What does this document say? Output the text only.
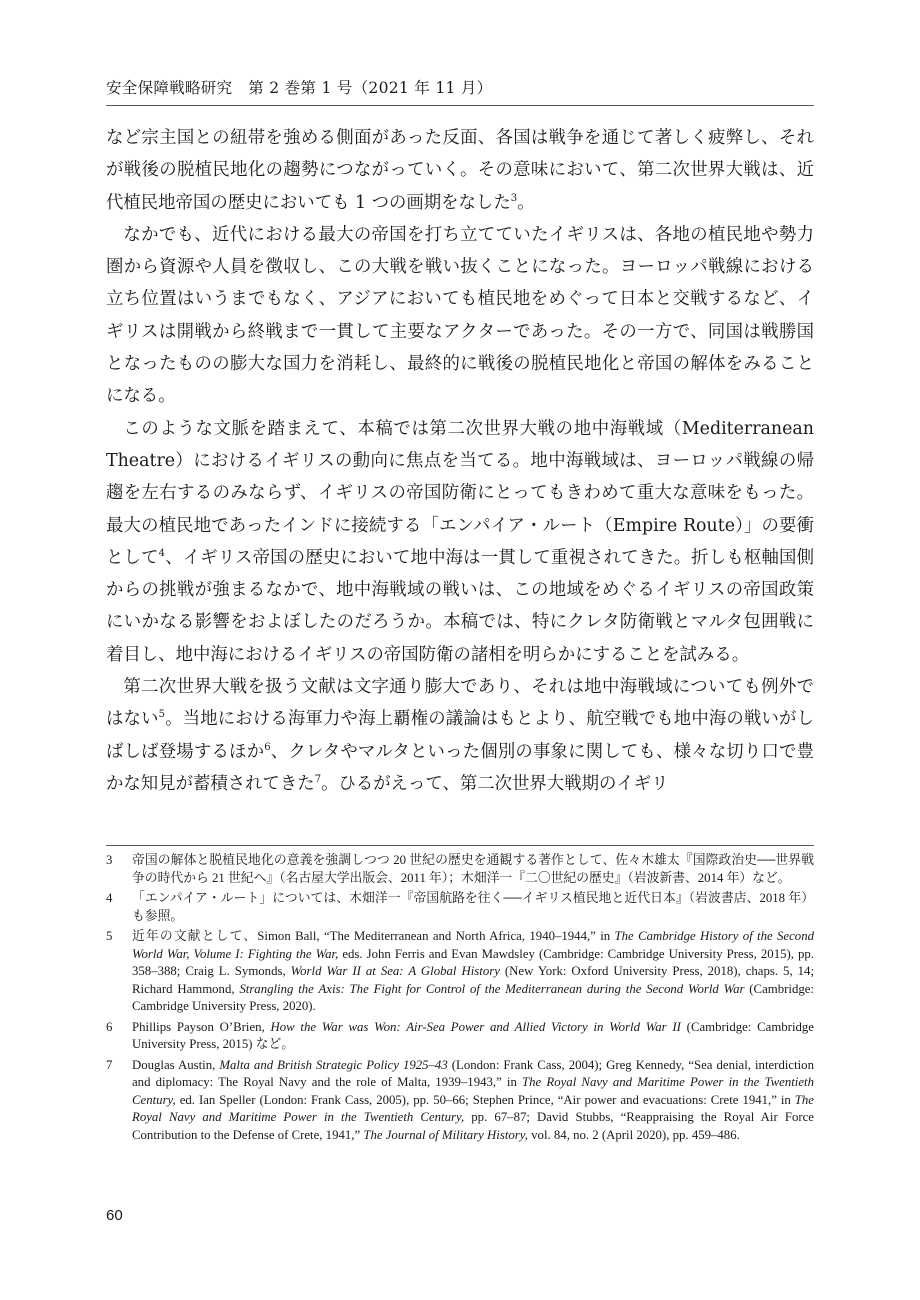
安全保障戦略研究　第 2 巻第 1 号（2021 年 11 月）

など宗主国との紐帯を強める側面があった反面、各国は戦争を通じて著しく疲弊し、それが戦後の脱植民地化の趨勢につながっていく。その意味において、第二次世界大戦は、近代植民地帝国の歴史においても 1 つの画期をなした$^3$。

なかでも、近代における最大の帝国を打ち立てていたイギリスは、各地の植民地や勢力圏から資源や人員を徴収し、この大戦を戦い抜くことになった。ヨーロッパ戦線における立ち位置はいうまでもなく、アジアにおいても植民地をめぐって日本と交戦するなど、イギリスは開戦から終戦まで一貫して主要なアクターであった。その一方で、同国は戦勝国となったものの膨大な国力を消耗し、最終的に戦後の脱植民地化と帝国の解体をみることになる。

このような文脈を踏まえて、本稿では第二次世界大戦の地中海戦域（Mediterranean Theatre）におけるイギリスの動向に焦点を当てる。地中海戦域は、ヨーロッパ戦線の帰趨を左右するのみならず、イギリスの帝国防衛にとってもきわめて重大な意味をもった。最大の植民地であったインドに接続する「エンパイア・ルート（Empire Route）」の要衝として$^4$、イギリス帝国の歴史において地中海は一貫して重視されてきた。折しも枢軸国側からの挑戦が強まるなかで、地中海戦域の戦いは、この地域をめぐるイギリスの帝国政策にいかなる影響をおよぼしたのだろうか。本稿では、特にクレタ防衛戦とマルタ包囲戦に着目し、地中海におけるイギリスの帝国防衛の諸相を明らかにすることを試みる。

第二次世界大戦を扱う文献は文字通り膨大であり、それは地中海戦域についても例外ではない$^5$。当地における海軍力や海上覇権の議論はもとより、航空戦でも地中海の戦いがしばしば登場するほか$^6$、クレタやマルタといった個別の事象に関しても、様々な切り口で豊かな知見が蓄積されてきた$^7$。ひるがえって、第二次世界大戦期のイギリ

3 帝国の解体と脱植民地化の意義を強調しつつ 20 世紀の歴史を通観する著作として、佐々木雄太『国際政治史──世界戦争の時代から 21 世紀へ』（名古屋大学出版会、2011 年）；木畑洋一『二〇世紀の歴史』（岩波新書、2014 年）など。

4 「エンパイア・ルート」については、木畑洋一『帝国航路を往く──イギリス植民地と近代日本』（岩波書店、2018 年）も参照。

5 近年の文献として、Simon Ball, “The Mediterranean and North Africa, 1940–1944,” in The Cambridge History of the Second World War, Volume I: Fighting the War, eds. John Ferris and Evan Mawdsley (Cambridge: Cambridge University Press, 2015), pp. 358–388; Craig L. Symonds, World War II at Sea: A Global History (New York: Oxford University Press, 2018), chaps. 5, 14; Richard Hammond, Strangling the Axis: The Fight for Control of the Mediterranean during the Second World War (Cambridge: Cambridge University Press, 2020).

6 Phillips Payson O’Brien, How the War was Won: Air-Sea Power and Allied Victory in World War II (Cambridge: Cambridge University Press, 2015) など。

7 Douglas Austin, Malta and British Strategic Policy 1925–43 (London: Frank Cass, 2004); Greg Kennedy, “Sea denial, interdiction and diplomacy: The Royal Navy and the role of Malta, 1939–1943,” in The Royal Navy and Maritime Power in the Twentieth Century, ed. Ian Speller (London: Frank Cass, 2005), pp. 50–66; Stephen Prince, “Air power and evacuations: Crete 1941,” in The Royal Navy and Maritime Power in the Twentieth Century, pp. 67–87; David Stubbs, “Reappraising the Royal Air Force Contribution to the Defense of Crete, 1941,” The Journal of Military History, vol. 84, no. 2 (April 2020), pp. 459–486.

60
